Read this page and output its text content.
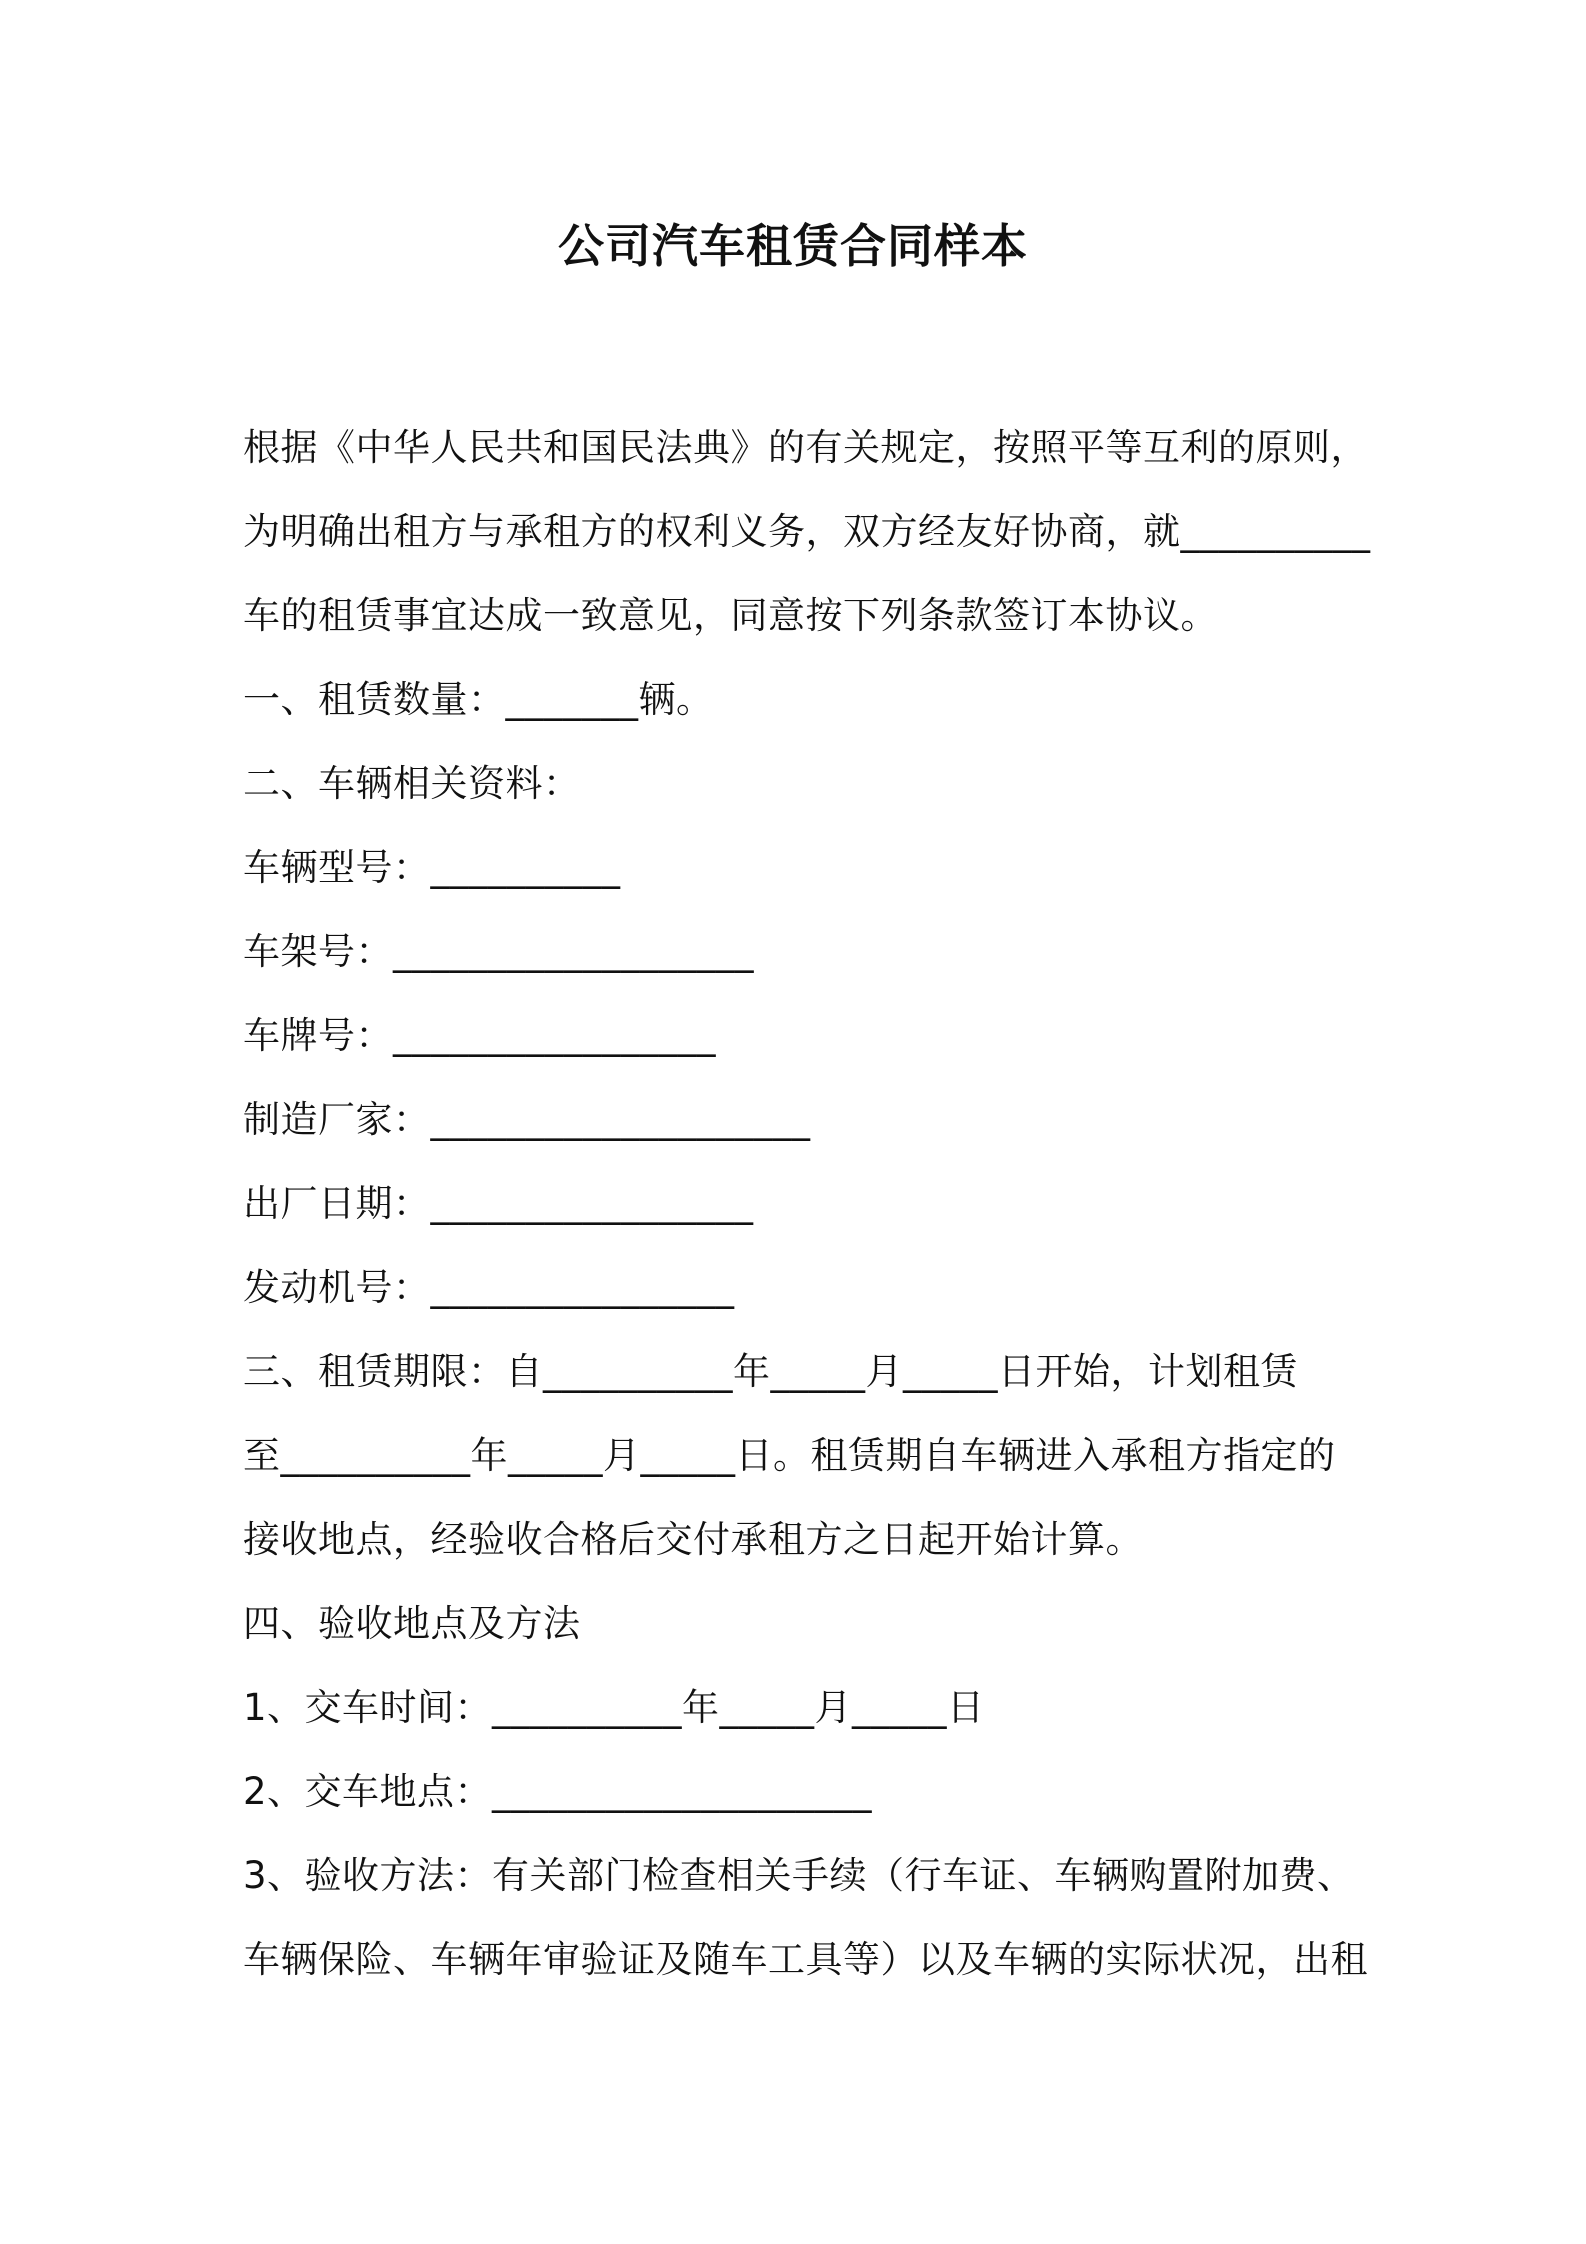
公司汽车租赁合同样本
根据《中华人民共和国民法典》的有关规定，按照平等互利的原则，
为明确出租方与承租方的权利义务，双方经友好协商，就__________
车的租赁事宜达成一致意见，同意按下列条款签订本协议。
一、租赁数量：_______辆。
二、车辆相关资料：
车辆型号：__________
车架号：___________________
车牌号：_________________
制造厂家：____________________
出厂日期：_________________
发动机号：________________
三、租赁期限：自__________年_____月_____日开始，计划租赁
至__________年_____月_____日。租赁期自车辆进入承租方指定的
接收地点，经验收合格后交付承租方之日起开始计算。
四、验收地点及方法
1、交车时间：__________年_____月_____日
2、交车地点：____________________
3、验收方法：有关部门检查相关手续（行车证、车辆购置附加费、
车辆保险、车辆年审验证及随车工具等）以及车辆的实际状况，出租
